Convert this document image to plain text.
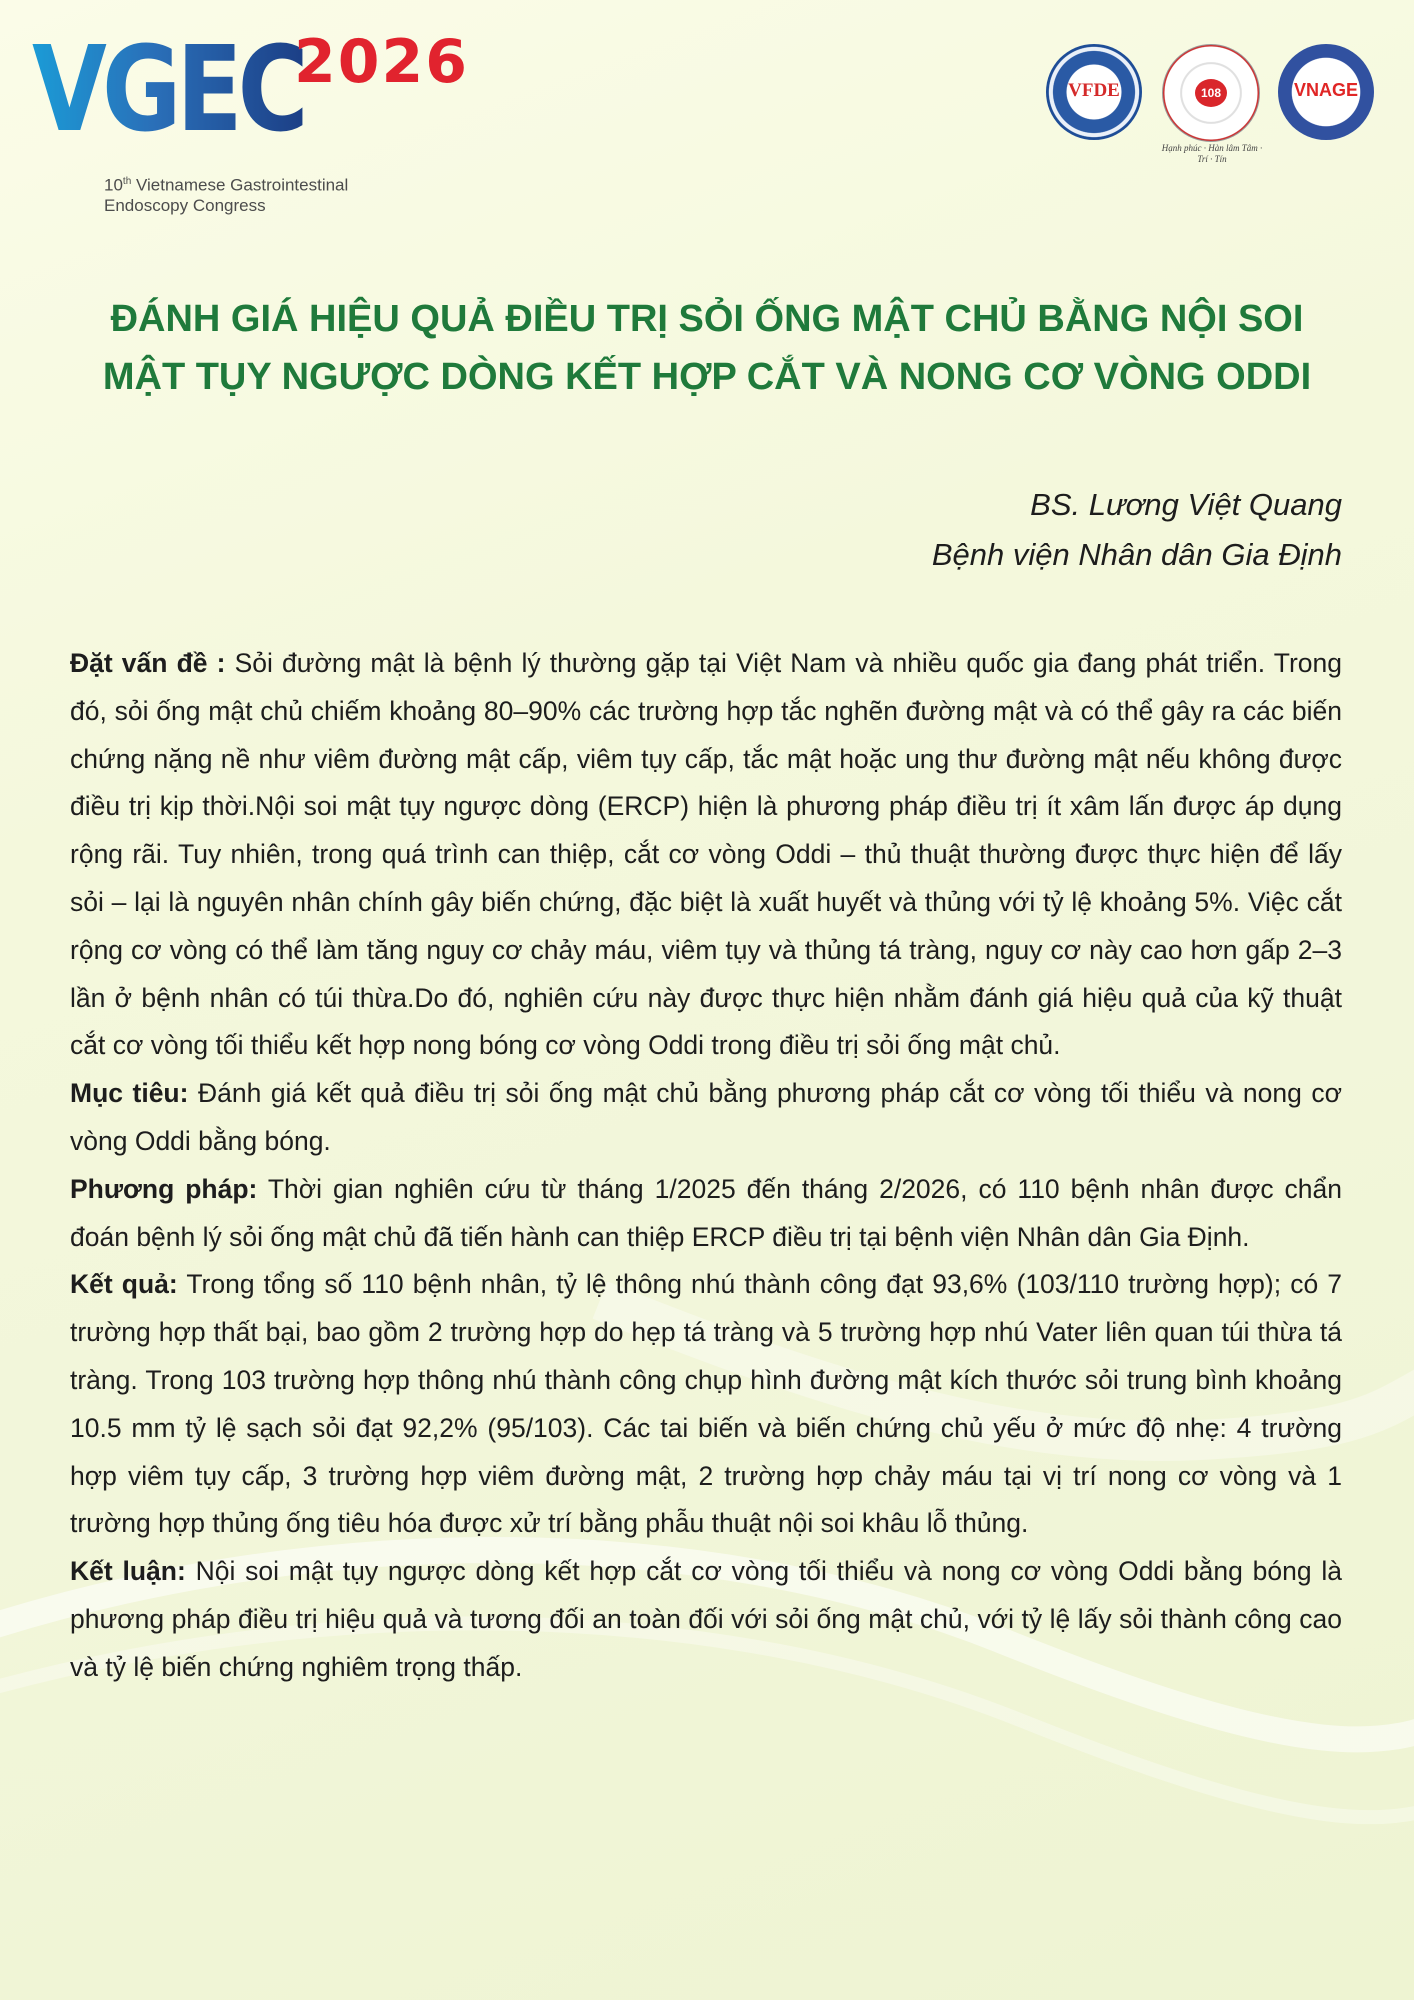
VGEC
2026
10th Vietnamese Gastrointestinal
Endoscopy Congress
VFDE	108
Hạnh phúc · Hàn lâm Tâm · Trí · Tín
VNAGE
ĐÁNH GIÁ HIỆU QUẢ ĐIỀU TRỊ SỎI ỐNG MẬT CHỦ BẰNG NỘI SOI
MẬT TỤY NGƯỢC DÒNG KẾT HỢP CẮT VÀ NONG CƠ VÒNG ODDI
BS. Lương Việt Quang
Bệnh viện Nhân dân Gia Định

Đặt vấn đề : Sỏi đường mật là bệnh lý thường gặp tại Việt Nam và nhiều quốc gia đang phát triển. Trong đó, sỏi ống mật chủ chiếm khoảng 80–90% các trường hợp tắc nghẽn đường mật và có thể gây ra các biến chứng nặng nề như viêm đường mật cấp, viêm tụy cấp, tắc mật hoặc ung thư đường mật nếu không được điều trị kịp thời.Nội soi mật tụy ngược dòng (ERCP) hiện là phương pháp điều trị ít xâm lấn được áp dụng rộng rãi. Tuy nhiên, trong quá trình can thiệp, cắt cơ vòng Oddi – thủ thuật thường được thực hiện để lấy sỏi – lại là nguyên nhân chính gây biến chứng, đặc biệt là xuất huyết và thủng với tỷ lệ khoảng 5%. Việc cắt rộng cơ vòng có thể làm tăng nguy cơ chảy máu, viêm tụy và thủng tá tràng, nguy cơ này cao hơn gấp 2–3 lần ở bệnh nhân có túi thừa.Do đó, nghiên cứu này được thực hiện nhằm đánh giá hiệu quả của kỹ thuật cắt cơ vòng tối thiểu kết hợp nong bóng cơ vòng Oddi trong điều trị sỏi ống mật chủ.

Mục tiêu: Đánh giá kết quả điều trị sỏi ống mật chủ bằng phương pháp cắt cơ vòng tối thiểu và nong cơ vòng Oddi bằng bóng.

Phương pháp: Thời gian nghiên cứu từ tháng 1/2025 đến tháng 2/2026, có 110 bệnh nhân được chẩn đoán bệnh lý sỏi ống mật chủ đã tiến hành can thiệp ERCP điều trị tại bệnh viện Nhân dân Gia Định.

Kết quả: Trong tổng số 110 bệnh nhân, tỷ lệ thông nhú thành công đạt 93,6% (103/110 trường hợp); có 7 trường hợp thất bại, bao gồm 2 trường hợp do hẹp tá tràng và 5 trường hợp nhú Vater liên quan túi thừa tá tràng. Trong 103 trường hợp thông nhú thành công chụp hình đường mật kích thước sỏi trung bình khoảng 10.5 mm tỷ lệ sạch sỏi đạt 92,2% (95/103). Các tai biến và biến chứng chủ yếu ở mức độ nhẹ: 4 trường hợp viêm tụy cấp, 3 trường hợp viêm đường mật, 2 trường hợp chảy máu tại vị trí nong cơ vòng và 1 trường hợp thủng ống tiêu hóa được xử trí bằng phẫu thuật nội soi khâu lỗ thủng.

Kết luận: Nội soi mật tụy ngược dòng kết hợp cắt cơ vòng tối thiểu và nong cơ vòng Oddi bằng bóng là phương pháp điều trị hiệu quả và tương đối an toàn đối với sỏi ống mật chủ, với tỷ lệ lấy sỏi thành công cao và tỷ lệ biến chứng nghiêm trọng thấp.
